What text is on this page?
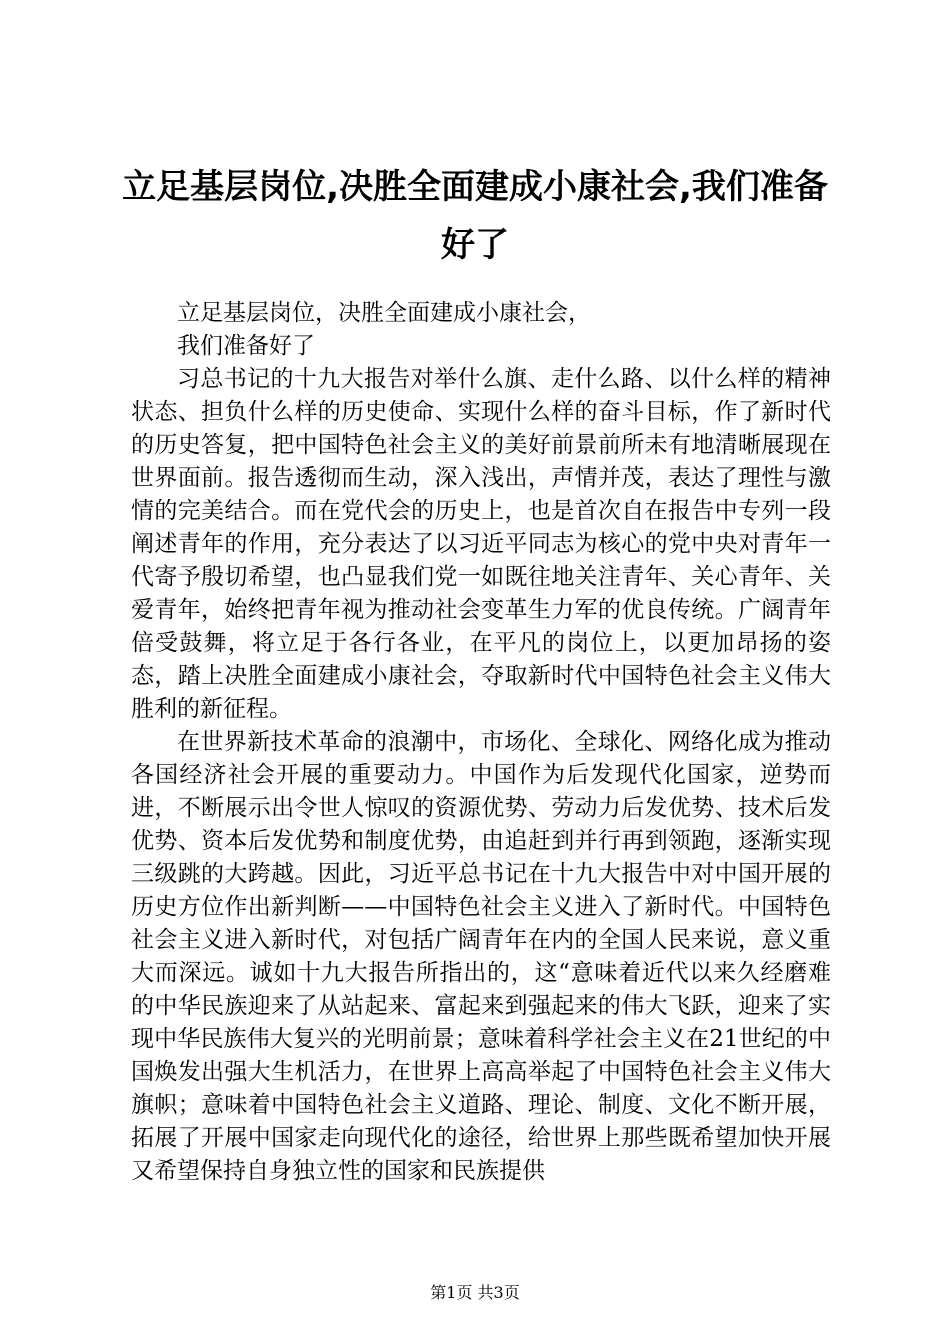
立足基层岗位,决胜全面建成小康社会,我们准备好了

立足基层岗位，决胜全面建成小康社会，

我们准备好了

习总书记的十九大报告对举什么旗、走什么路、以什么样的精神状态、担负什么样的历史使命、实现什么样的奋斗目标，作了新时代的历史答复，把中国特色社会主义的美好前景前所未有地清晰展现在世界面前。报告透彻而生动，深入浅出，声情并茂，表达了理性与激情的完美结合。而在党代会的历史上，也是首次自在报告中专列一段阐述青年的作用，充分表达了以习近平同志为核心的党中央对青年一代寄予殷切希望，也凸显我们党一如既往地关注青年、关心青年、关爱青年，始终把青年视为推动社会变革生力军的优良传统。广阔青年倍受鼓舞，将立足于各行各业，在平凡的岗位上，以更加昂扬的姿态，踏上决胜全面建成小康社会，夺取新时代中国特色社会主义伟大胜利的新征程。

在世界新技术革命的浪潮中，市场化、全球化、网络化成为推动各国经济社会开展的重要动力。中国作为后发现代化国家，逆势而进，不断展示出令世人惊叹的资源优势、劳动力后发优势、技术后发优势、资本后发优势和制度优势，由追赶到并行再到领跑，逐渐实现三级跳的大跨越。因此，习近平总书记在十九大报告中对中国开展的历史方位作出新判断——中国特色社会主义进入了新时代。中国特色社会主义进入新时代，对包括广阔青年在内的全国人民来说，意义重大而深远。诚如十九大报告所指出的，这“意味着近代以来久经磨难的中华民族迎来了从站起来、富起来到强起来的伟大飞跃，迎来了实现中华民族伟大复兴的光明前景；意味着科学社会主义在21世纪的中国焕发出强大生机活力，在世界上高高举起了中国特色社会主义伟大旗帜；意味着中国特色社会主义道路、理论、制度、文化不断开展，拓展了开展中国家走向现代化的途径，给世界上那些既希望加快开展又希望保持自身独立性的国家和民族提供

第1页 共3页
